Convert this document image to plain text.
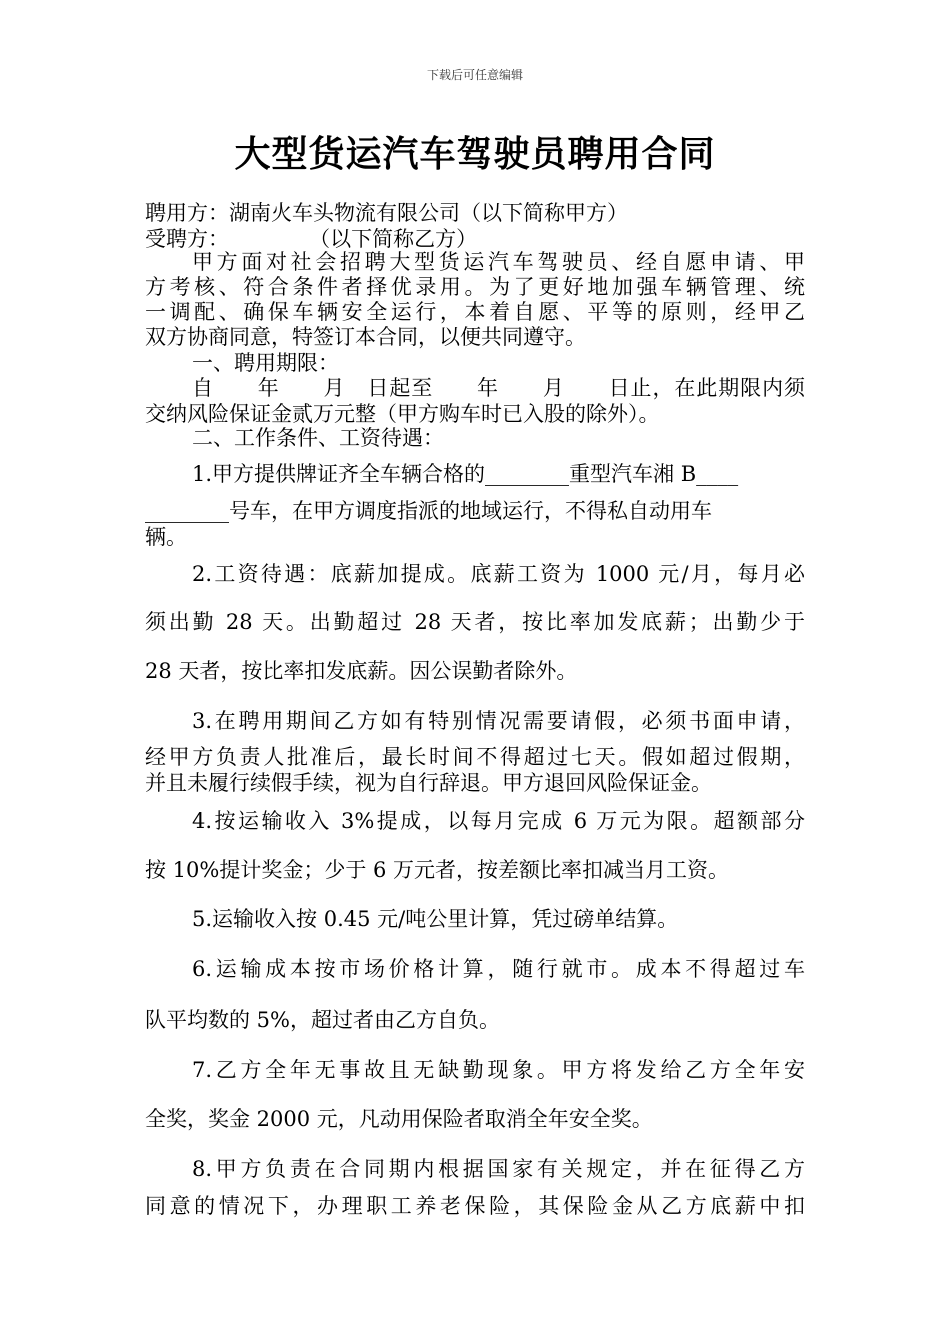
下载后可任意编辑
大型货运汽车驾驶员聘用合同
聘用方：湖南火车头物流有限公司（以下简称甲方）
受聘方：            （以下简称乙方）
甲方面对社会招聘大型货运汽车驾驶员、经自愿申请、甲
方考核、符合条件者择优录用。为了更好地加强车辆管理、统
一调配、确保车辆安全运行，本着自愿、平等的原则，经甲乙
双方协商同意，特签订本合同，以便共同遵守。
一、聘用期限：
自　　年　　月　日起至　　年　　月　　日止，在此期限内须
交纳风险保证金贰万元整（甲方购车时已入股的除外）。
二、工作条件、工资待遇：
1.甲方提供牌证齐全车辆合格的________重型汽车湘 B____
________号车，在甲方调度指派的地域运行，不得私自动用车
辆。
2.工资待遇：底薪加提成。底薪工资为 1000 元/月，每月必
须出勤 28 天。出勤超过 28 天者，按比率加发底薪；出勤少于
28 天者，按比率扣发底薪。因公误勤者除外。
3.在聘用期间乙方如有特别情况需要请假，必须书面申请，
经甲方负责人批准后，最长时间不得超过七天。假如超过假期，
并且未履行续假手续，视为自行辞退。甲方退回风险保证金。
4.按运输收入 3%提成，以每月完成 6 万元为限。超额部分
按 10%提计奖金；少于 6 万元者，按差额比率扣减当月工资。
5.运输收入按 0.45 元/吨公里计算，凭过磅单结算。
6.运输成本按市场价格计算，随行就市。成本不得超过车
队平均数的 5%，超过者由乙方自负。
7.乙方全年无事故且无缺勤现象。甲方将发给乙方全年安
全奖，奖金 2000 元，凡动用保险者取消全年安全奖。
8.甲方负责在合同期内根据国家有关规定，并在征得乙方
同意的情况下，办理职工养老保险，其保险金从乙方底薪中扣
